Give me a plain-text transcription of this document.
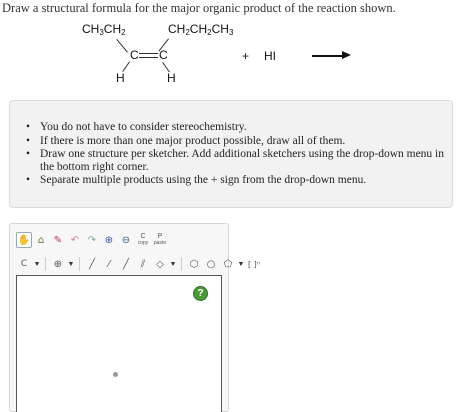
Draw a structural formula for the major organic product of the reaction shown.
$CH_3CH_2$	$CH_2CH_2CH_3$
C C
H	H
+ HI
• You do not have to consider stereochemistry.
• If there is more than one major product possible, draw all of them.
• Draw one structure per sketcher. Add additional sketchers using the drop-down menu in the bottom right corner.
• Separate multiple products using the + sign from the drop-down menu.
✋ ⌂ ✎ ↶ ↷ ⊕ ⊖	C
copy
P
paste
C ▼	⊕ ▼	╱	⁄	╱	⫽	◇ ▼	⬡ ○ ⬠ ▼ [ ]ⁿ
?
